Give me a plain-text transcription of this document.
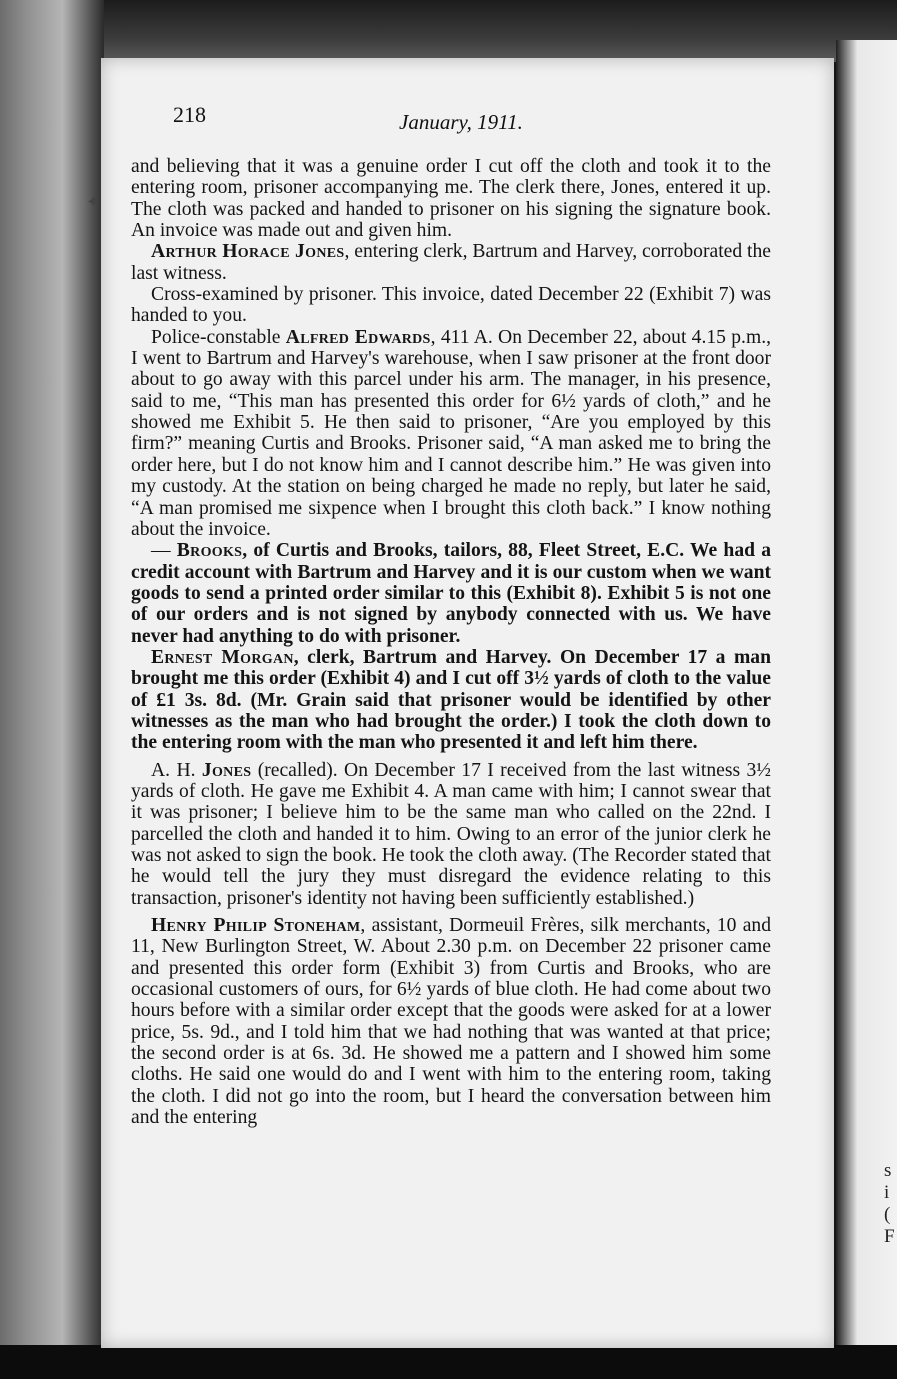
s
i
(
F
218	January, 1911.

and believing that it was a genuine order I cut off the cloth and took it to the entering room, prisoner accompanying me. The clerk there, Jones, entered it up. The cloth was packed and handed to prisoner on his signing the signature book. An invoice was made out and given him.

Arthur Horace Jones, entering clerk, Bartrum and Harvey, corroborated the last witness.

Cross-examined by prisoner. This invoice, dated December 22 (Exhibit 7) was handed to you.

Police-constable Alfred Edwards, 411 A. On December 22, about 4.15 p.m., I went to Bartrum and Harvey's warehouse, when I saw prisoner at the front door about to go away with this parcel under his arm. The manager, in his presence, said to me, “This man has presented this order for 6½ yards of cloth,” and he showed me Exhibit 5. He then said to prisoner, “Are you employed by this firm?” meaning Curtis and Brooks. Prisoner said, “A man asked me to bring the order here, but I do not know him and I cannot describe him.” He was given into my custody. At the station on being charged he made no reply, but later he said, “A man promised me sixpence when I brought this cloth back.” I know nothing about the invoice.

— Brooks, of Curtis and Brooks, tailors, 88, Fleet Street, E.C. We had a credit account with Bartrum and Harvey and it is our custom when we want goods to send a printed order similar to this (Exhibit 8). Exhibit 5 is not one of our orders and is not signed by anybody connected with us. We have never had anything to do with prisoner.

Ernest Morgan, clerk, Bartrum and Harvey. On December 17 a man brought me this order (Exhibit 4) and I cut off 3½ yards of cloth to the value of £1 3s. 8d. (Mr. Grain said that prisoner would be identified by other witnesses as the man who had brought the order.) I took the cloth down to the entering room with the man who presented it and left him there.

A. H. Jones (recalled). On December 17 I received from the last witness 3½ yards of cloth. He gave me Exhibit 4. A man came with him; I cannot swear that it was prisoner; I believe him to be the same man who called on the 22nd. I parcelled the cloth and handed it to him. Owing to an error of the junior clerk he was not asked to sign the book. He took the cloth away. (The Recorder stated that he would tell the jury they must disregard the evidence relating to this transaction, prisoner's identity not having been sufficiently established.)

Henry Philip Stoneham, assistant, Dormeuil Frères, silk merchants, 10 and 11, New Burlington Street, W. About 2.30 p.m. on December 22 prisoner came and presented this order form (Exhibit 3) from Curtis and Brooks, who are occasional customers of ours, for 6½ yards of blue cloth. He had come about two hours before with a similar order except that the goods were asked for at a lower price, 5s. 9d., and I told him that we had nothing that was wanted at that price; the second order is at 6s. 3d. He showed me a pattern and I showed him some cloths. He said one would do and I went with him to the entering room, taking the cloth. I did not go into the room, but I heard the conversation between him and the entering

✦
